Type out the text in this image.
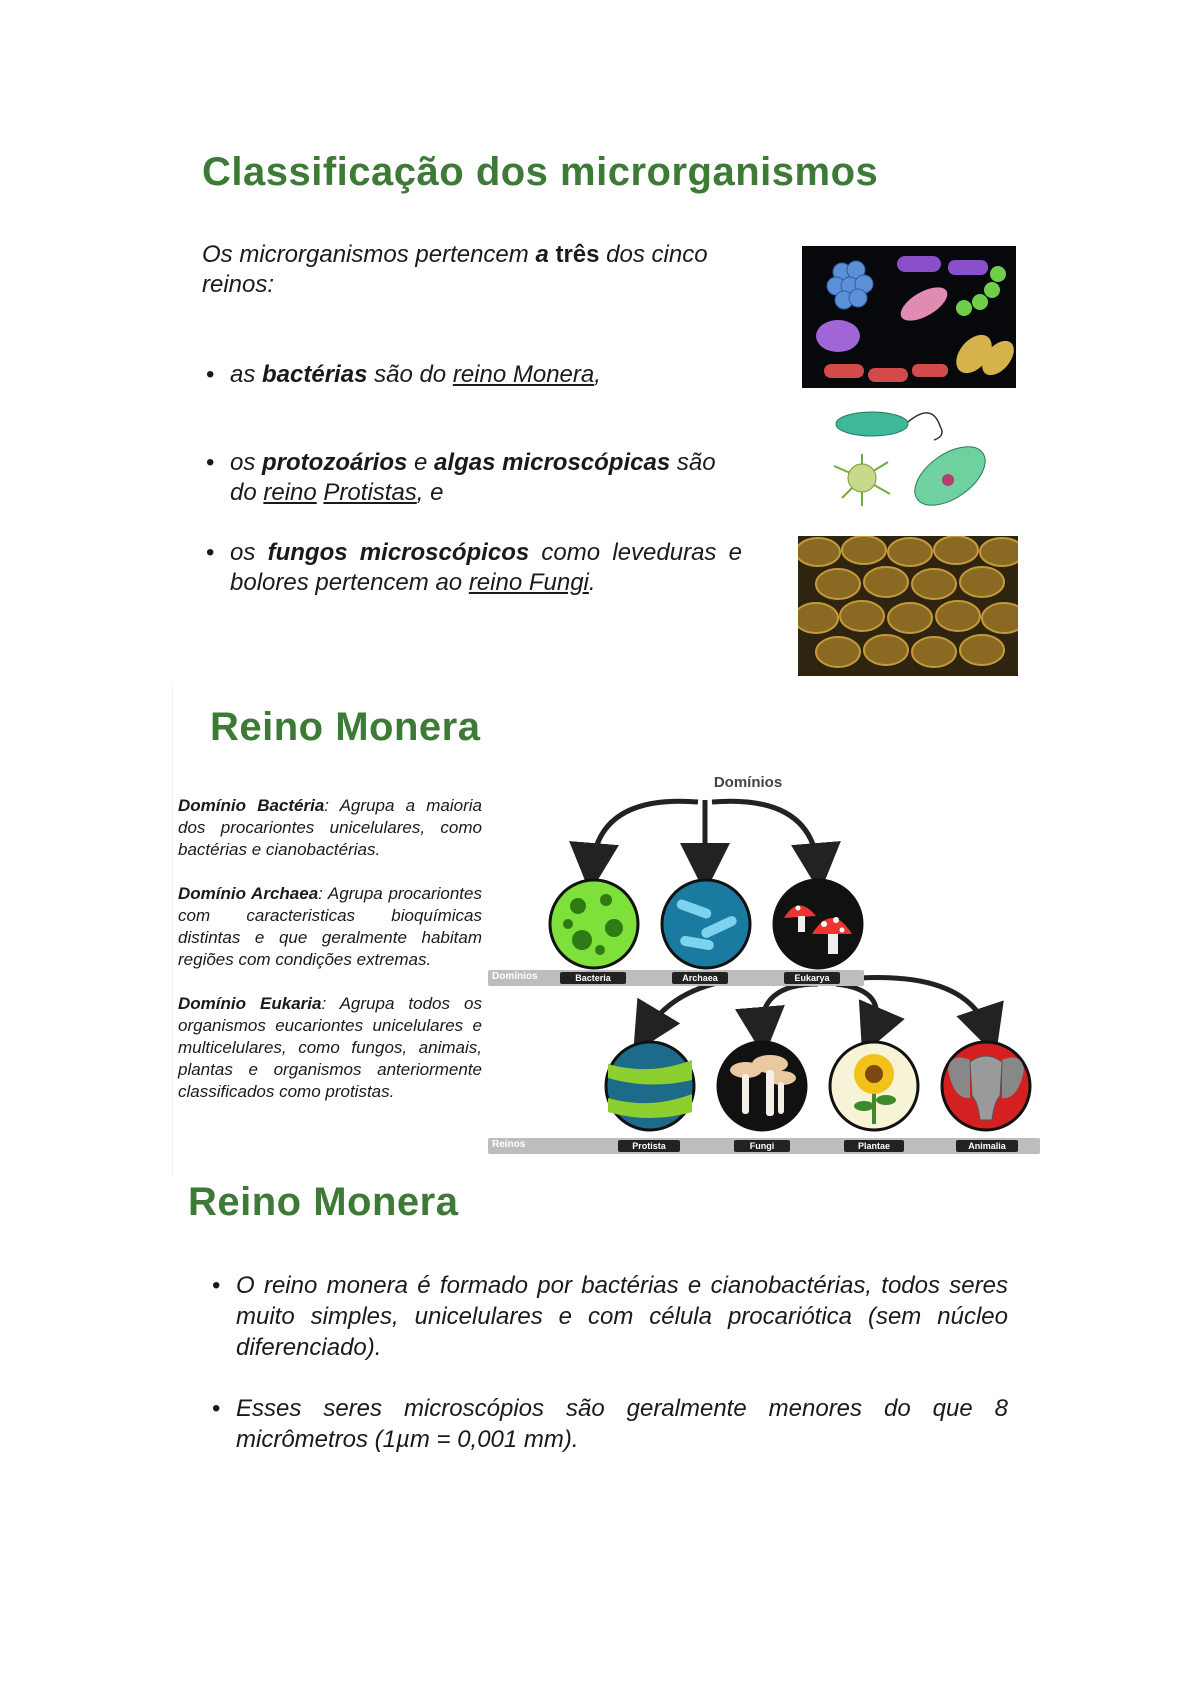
Classificação dos microrganismos
Os microrganismos pertencem a três dos cinco reinos:
• as bactérias são do reino Monera,
• os protozoários e algas microscópicas são do reino Protistas, e
• os fungos microscópicos como leveduras e bolores pertencem ao reino Fungi.
Reino Monera

Domínio Bactéria: Agrupa a maioria dos procariontes unicelulares, como bactérias e cianobactérias.

Domínio Archaea: Agrupa procariontes com caracteristicas bioquímicas distintas e que geralmente habitam regiões com condições extremas.

Domínio Eukaria: Agrupa todos os organismos eucariontes unicelulares e multicelulares, como fungos, animais, plantas e organismos anteriormente classificados como protistas.

Domínios
Domínios	Bacteria	Archaea	Eukarya
Reinos	Protista	Fungi	Plantae	Animalia
Reino Monera
• O reino monera é formado por bactérias e cianobactérias, todos seres muito simples, unicelulares e com célula procariótica (sem núcleo diferenciado).
• Esses seres microscópios são geralmente menores do que 8 micrômetros (1µm = 0,001 mm).
